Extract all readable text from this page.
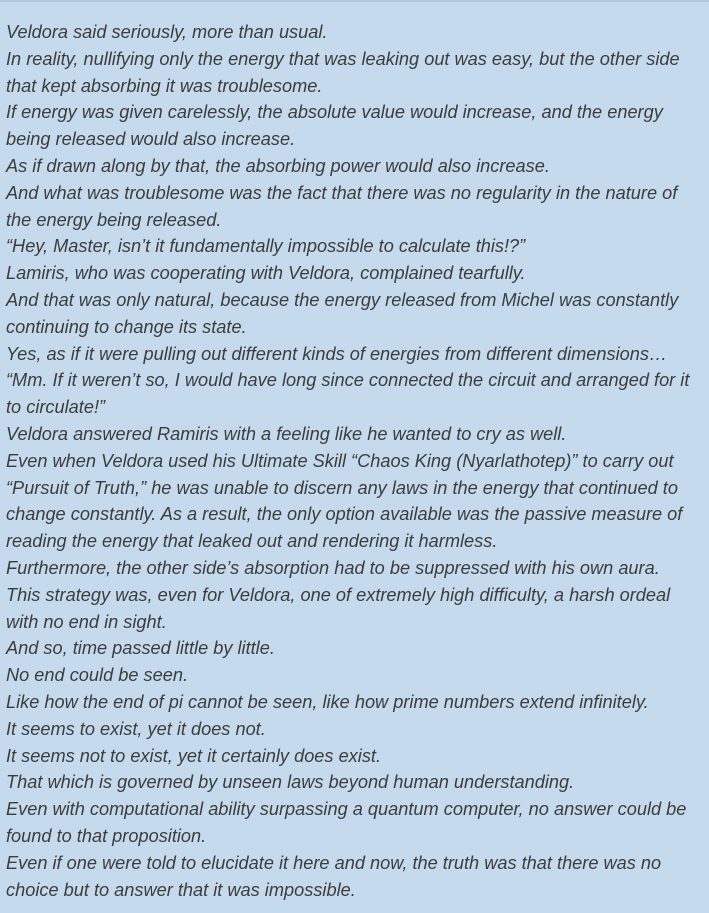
Veldora said seriously, more than usual.

In reality, nullifying only the energy that was leaking out was easy, but the other side that kept absorbing it was troublesome.

If energy was given carelessly, the absolute value would increase, and the energy being released would also increase.

As if drawn along by that, the absorbing power would also increase.

And what was troublesome was the fact that there was no regularity in the nature of the energy being released.

“Hey, Master, isn’t it fundamentally impossible to calculate this!?”

Lamiris, who was cooperating with Veldora, complained tearfully.

And that was only natural, because the energy released from Michel was constantly continuing to change its state.

Yes, as if it were pulling out different kinds of energies from different dimensions…

“Mm. If it weren’t so, I would have long since connected the circuit and arranged for it to circulate!”

Veldora answered Ramiris with a feeling like he wanted to cry as well.

Even when Veldora used his Ultimate Skill “Chaos King (Nyarlathotep)” to carry out “Pursuit of Truth,” he was unable to discern any laws in the energy that continued to change constantly. As a result, the only option available was the passive measure of reading the energy that leaked out and rendering it harmless.

Furthermore, the other side’s absorption had to be suppressed with his own aura.

This strategy was, even for Veldora, one of extremely high difficulty, a harsh ordeal with no end in sight.

And so, time passed little by little.

No end could be seen.

Like how the end of pi cannot be seen, like how prime numbers extend infinitely.

It seems to exist, yet it does not.

It seems not to exist, yet it certainly does exist.

That which is governed by unseen laws beyond human understanding.

Even with computational ability surpassing a quantum computer, no answer could be found to that proposition.

Even if one were told to elucidate it here and now, the truth was that there was no choice but to answer that it was impossible.
